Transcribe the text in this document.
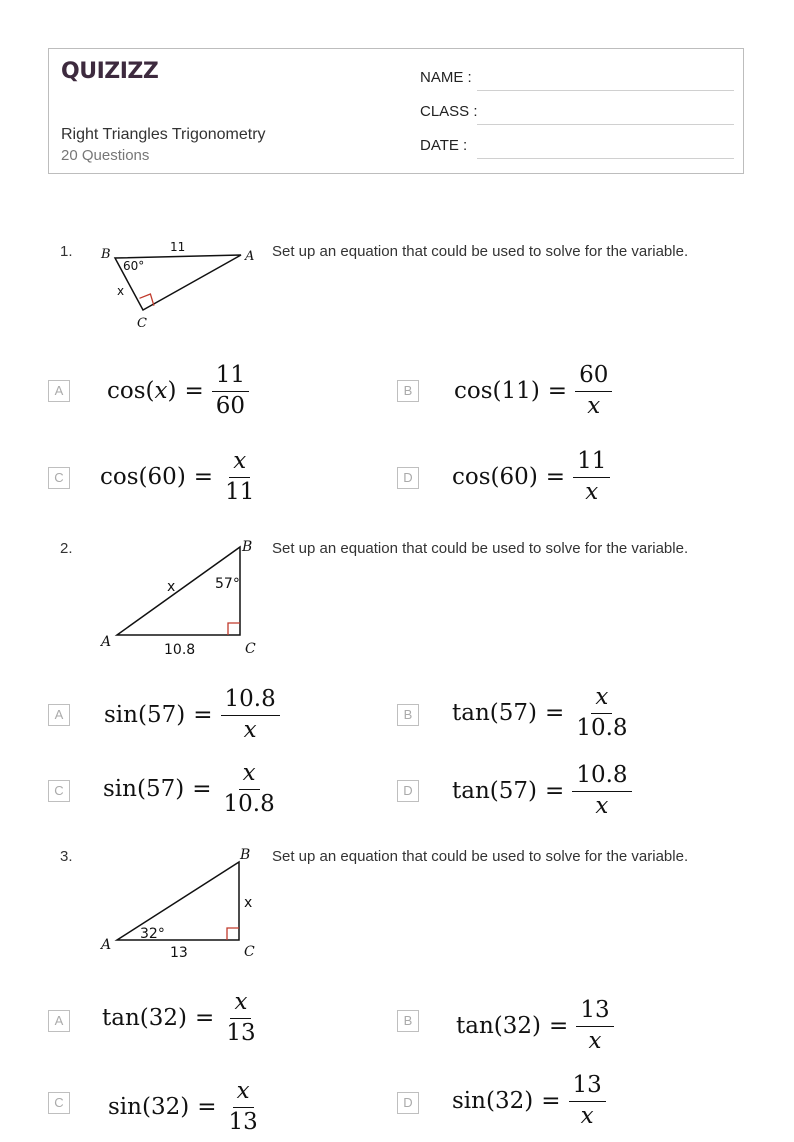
QUIZIZZ
Right Triangles Trigonometry
20 Questions
NAME :
CLASS :
DATE :
1.	Set up an equation that could be used to solve for the variable.
B	A
C
11
60°
x
A cos ( x ) = $\frac{11}{60}$	B cos ( 11 ) = $\frac{60}{x}$
C cos ( 60 ) = $\frac{x}{11}$	D cos ( 60 ) = $\frac{11}{x}$
2.	Set up an equation that could be used to solve for the variable.
B
A	C
10.8
57°
x
A sin ( 57 ) = $\frac{10.8}{x}$	B tan ( 57 ) = $\frac{x}{10.8}$
C sin ( 57 ) = $\frac{x}{10.8}$	D tan ( 57 ) = $\frac{10.8}{x}$
3.	Set up an equation that could be used to solve for the variable.
B
A	C
13
32°
x
A tan ( 32 ) = $\frac{x}{13}$	B tan ( 32 ) = $\frac{13}{x}$
C sin ( 32 ) = $\frac{x}{13}$	D sin ( 32 ) = $\frac{13}{x}$
